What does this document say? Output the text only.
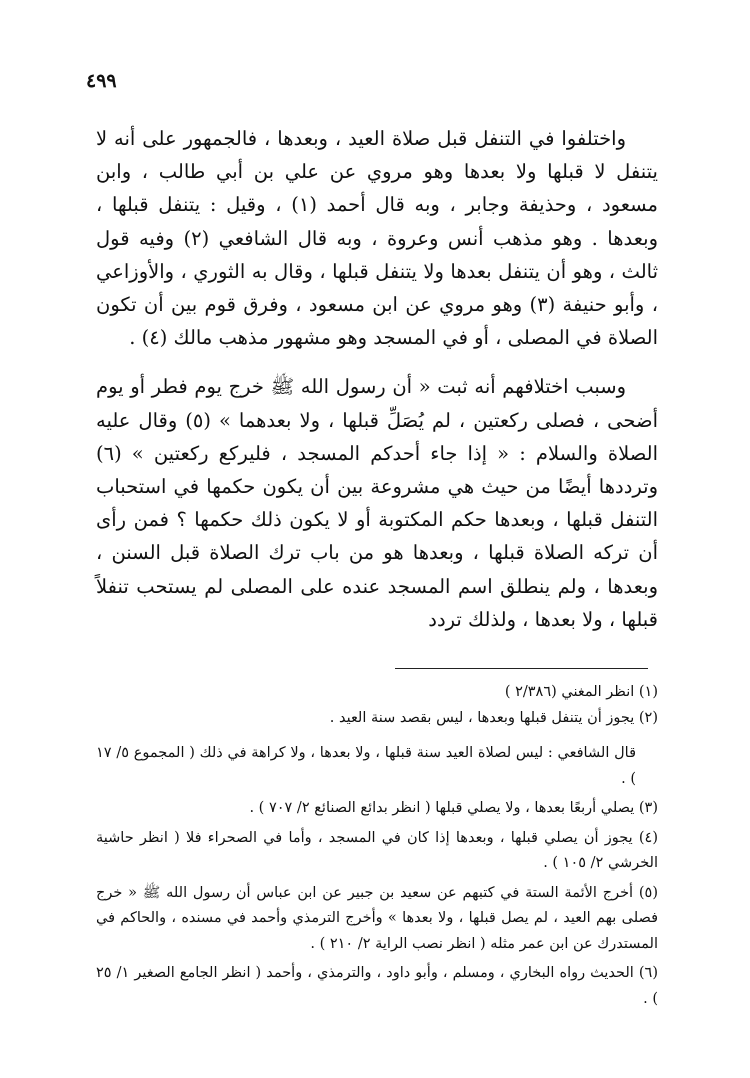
٤٩٩

واختلفوا في التنفل قبل صلاة العيد ، وبعدها ، فالجمهور على أنه لا يتنفل لا قبلها ولا بعدها وهو مروي عن علي بن أبي طالب ، وابن مسعود ، وحذيفة وجابر ، وبه قال أحمد (١) ، وقيل : يتنفل قبلها ، وبعدها . وهو مذهب أنس وعروة ، وبه قال الشافعي (٢) وفيه قول ثالث ، وهو أن يتنفل بعدها ولا يتنفل قبلها ، وقال به الثوري ، والأوزاعي ، وأبو حنيفة (٣) وهو مروي عن ابن مسعود ، وفرق قوم بين أن تكون الصلاة في المصلى ، أو في المسجد وهو مشهور مذهب مالك (٤) .

وسبب اختلافهم أنه ثبت « أن رسول الله ﷺ خرج يوم فطر أو يوم أضحى ، فصلى ركعتين ، لم يُصَلِّ قبلها ، ولا بعدهما » (٥) وقال عليه الصلاة والسلام : « إذا جاء أحدكم المسجد ، فليركع ركعتين » (٦) وترددها أيضًا من حيث هي مشروعة بين أن يكون حكمها في استحباب التنفل قبلها ، وبعدها حكم المكتوبة أو لا يكون ذلك حكمها ؟ فمن رأى أن تركه الصلاة قبلها ، وبعدها هو من باب ترك الصلاة قبل السنن ، وبعدها ، ولم ينطلق اسم المسجد عنده على المصلى لم يستحب تنفلاً قبلها ، ولا بعدها ، ولذلك تردد

(١) انظر المغني (٢/٣٨٦ )

(٢) يجوز أن يتنفل قبلها وبعدها ، ليس بقصد سنة العيد .

قال الشافعي : ليس لصلاة العيد سنة قبلها ، ولا بعدها ، ولا كراهة في ذلك ( المجموع ٥/ ١٧ ) .

(٣) يصلي أربعًا بعدها ، ولا يصلي قبلها ( انظر بدائع الصنائع ٢/ ٧٠٧ ) .

(٤) يجوز أن يصلي قبلها ، وبعدها إذا كان في المسجد ، وأما في الصحراء فلا ( انظر حاشية الخرشي ٢/ ١٠٥ ) .

(٥) أخرج الأئمة الستة في كتبهم عن سعيد بن جبير عن ابن عباس أن رسول الله ﷺ « خرج فصلى بهم العيد ، لم يصل قبلها ، ولا بعدها » وأخرج الترمذي وأحمد في مسنده ، والحاكم في المستدرك عن ابن عمر مثله ( انظر نصب الراية ٢/ ٢١٠ ) .

(٦) الحديث رواه البخاري ، ومسلم ، وأبو داود ، والترمذي ، وأحمد ( انظر الجامع الصغير ١/ ٢٥ ) .
